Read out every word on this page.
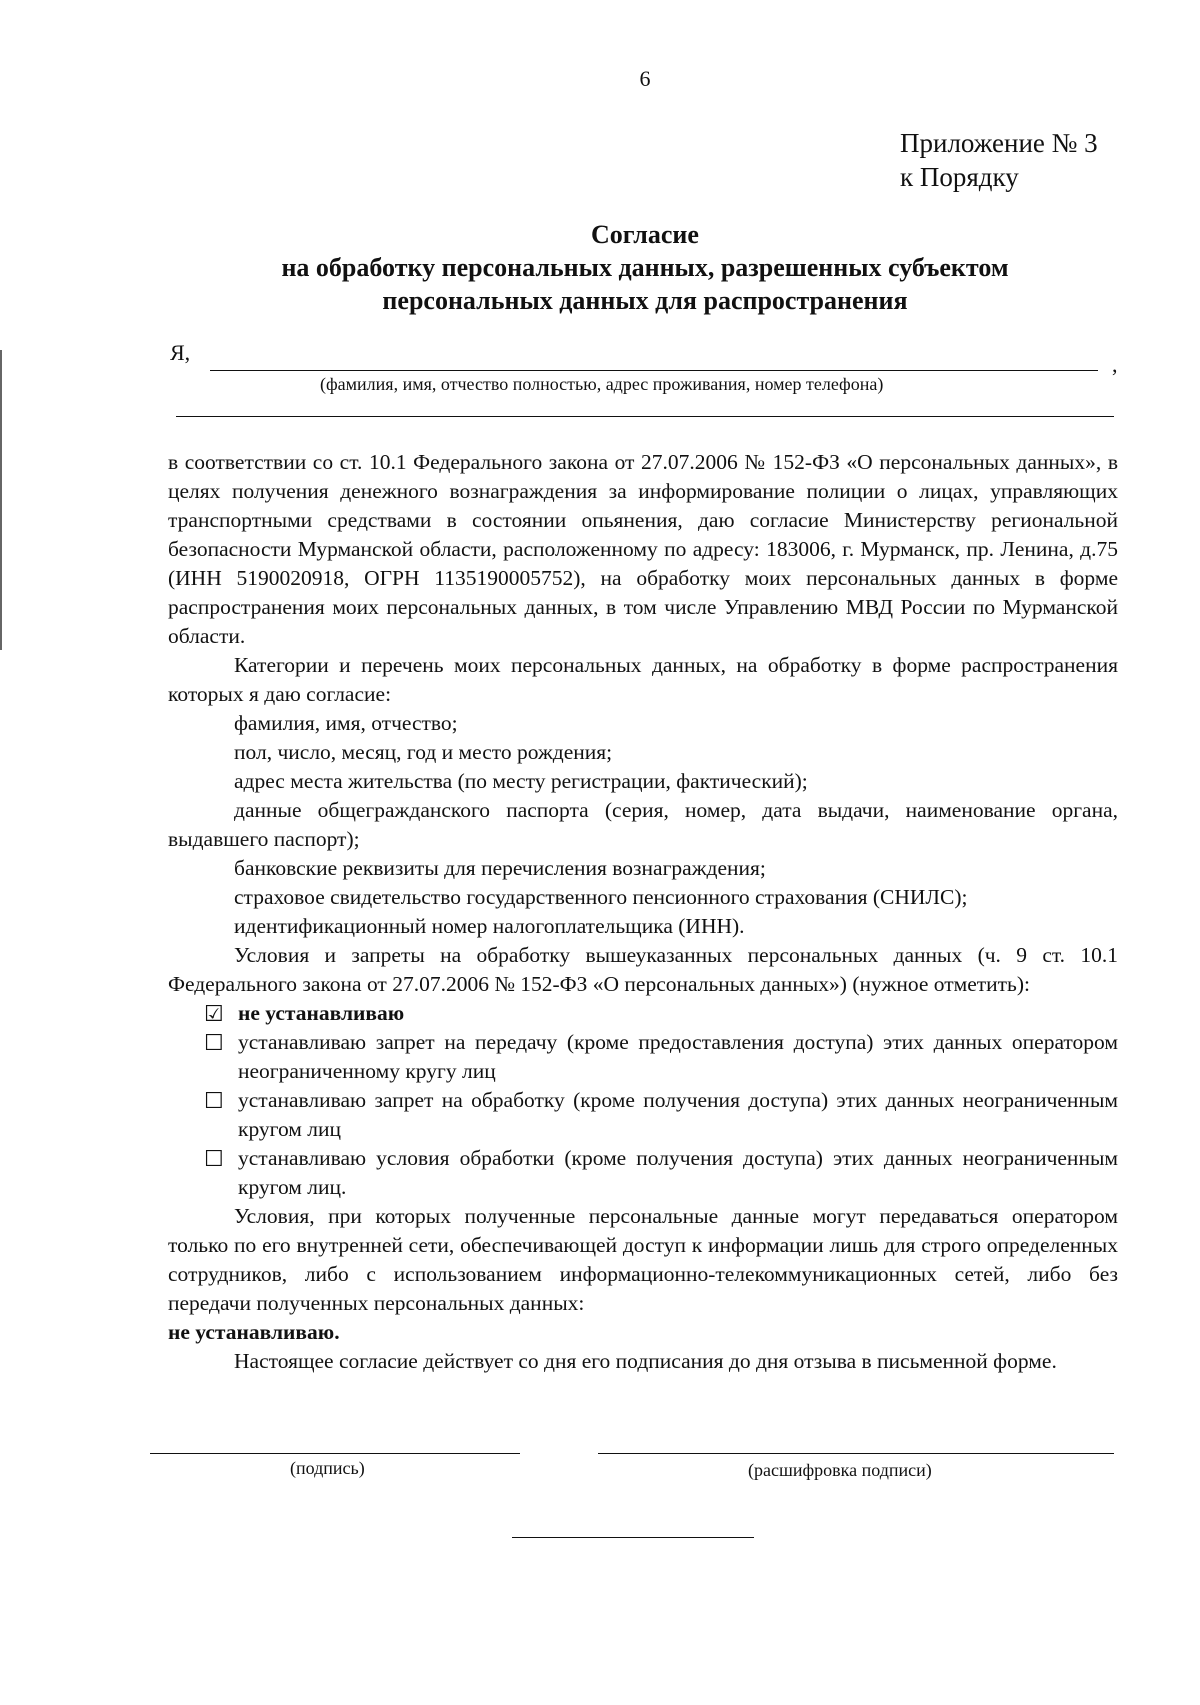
6
Приложение № 3
к Порядку
Согласие
на обработку персональных данных, разрешенных субъектом
персональных данных для распространения
Я,	,
(фамилия, имя, отчество полностью, адрес проживания, номер телефона)

в соответствии со ст. 10.1 Федерального закона от 27.07.2006 № 152-ФЗ «О персональных данных», в целях получения денежного вознаграждения за информирование полиции о лицах, управляющих транспортными средствами в состоянии опьянения, даю согласие Министерству региональной безопасности Мурманской области, расположенному по адресу: 183006, г. Мурманск, пр. Ленина, д.75 (ИНН 5190020918, ОГРН 1135190005752), на обработку моих персональных данных в форме распространения моих персональных данных, в том числе Управлению МВД России по Мурманской области.

Категории и перечень моих персональных данных, на обработку в форме распространения которых я даю согласие:

фамилия, имя, отчество;

пол, число, месяц, год и место рождения;

адрес места жительства (по месту регистрации, фактический);

данные общегражданского паспорта (серия, номер, дата выдачи, наименование органа, выдавшего паспорт);

банковские реквизиты для перечисления вознаграждения;

страховое свидетельство государственного пенсионного страхования (СНИЛС);

идентификационный номер налогоплательщика (ИНН).

Условия и запреты на обработку вышеуказанных персональных данных (ч. 9 ст. 10.1 Федерального закона от 27.07.2006 № 152-ФЗ «О персональных данных») (нужное отметить):

☑ не устанавливаю
☐ устанавливаю запрет на передачу (кроме предоставления доступа) этих данных оператором неограниченному кругу лиц
☐ устанавливаю запрет на обработку (кроме получения доступа) этих данных неограниченным кругом лиц
☐ устанавливаю условия обработки (кроме получения доступа) этих данных неограниченным кругом лиц.

Условия, при которых полученные персональные данные могут передаваться оператором только по его внутренней сети, обеспечивающей доступ к информации лишь для строго определенных сотрудников, либо с использованием информационно-телекоммуникационных сетей, либо без передачи полученных персональных данных:

не устанавливаю.

Настоящее согласие действует со дня его подписания до дня отзыва в письменной форме.

(подпись)	(расшифровка подписи)
